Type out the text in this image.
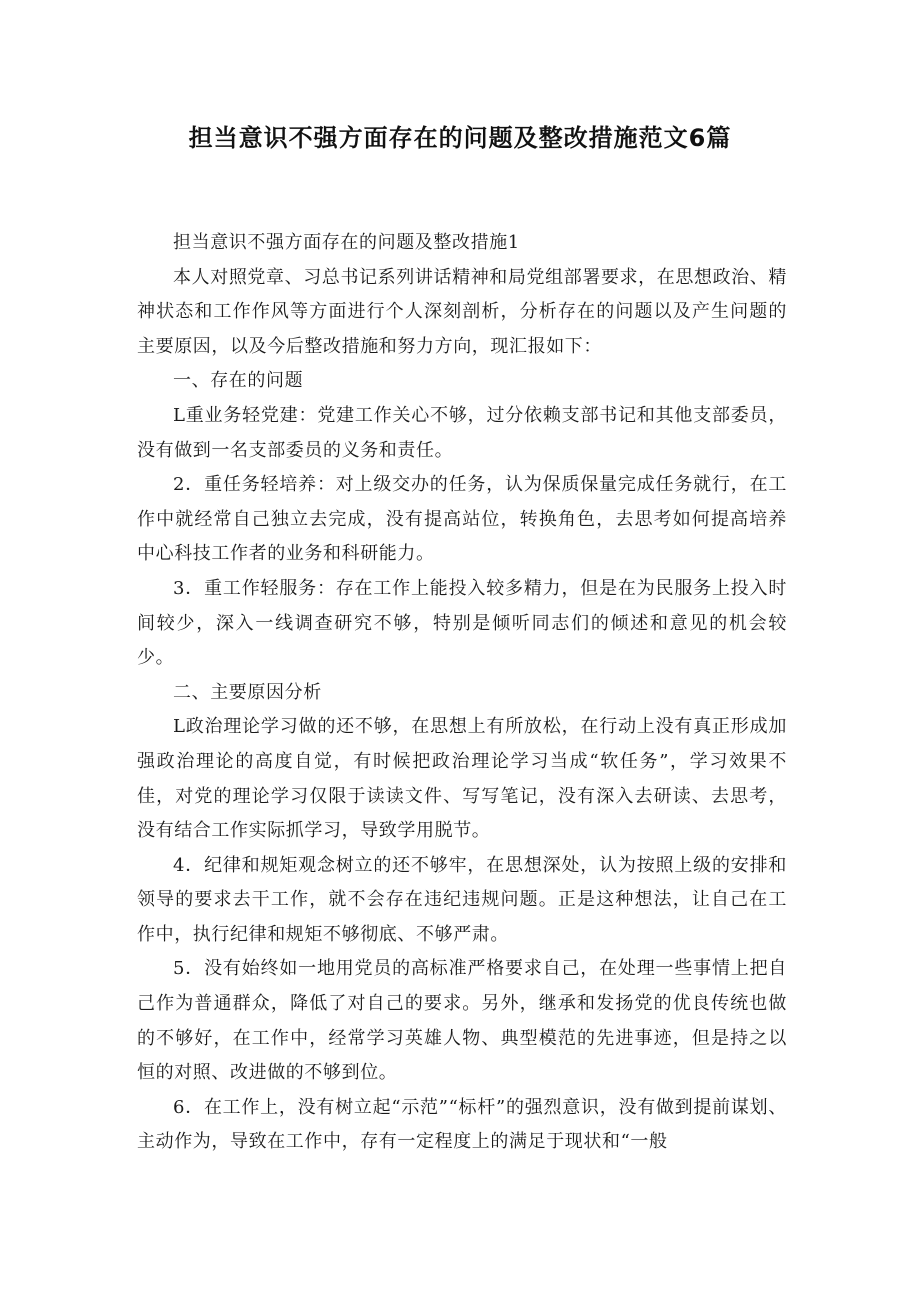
担当意识不强方面存在的问题及整改措施范文6篇

担当意识不强方面存在的问题及整改措施1

本人对照党章、习总书记系列讲话精神和局党组部署要求，在思想政治、精神状态和工作作风等方面进行个人深刻剖析，分析存在的问题以及产生问题的主要原因，以及今后整改措施和努力方向，现汇报如下：

一、存在的问题

L重业务轻党建：党建工作关心不够，过分依赖支部书记和其他支部委员，没有做到一名支部委员的义务和责任。

2．重任务轻培养：对上级交办的任务，认为保质保量完成任务就行，在工作中就经常自己独立去完成，没有提高站位，转换角色，去思考如何提高培养中心科技工作者的业务和科研能力。

3．重工作轻服务：存在工作上能投入较多精力，但是在为民服务上投入时间较少，深入一线调查研究不够，特别是倾听同志们的倾述和意见的机会较少。

二、主要原因分析

L政治理论学习做的还不够，在思想上有所放松，在行动上没有真正形成加强政治理论的高度自觉，有时候把政治理论学习当成“软任务”，学习效果不佳，对党的理论学习仅限于读读文件、写写笔记，没有深入去研读、去思考，没有结合工作实际抓学习，导致学用脱节。

4．纪律和规矩观念树立的还不够牢，在思想深处，认为按照上级的安排和领导的要求去干工作，就不会存在违纪违规问题。正是这种想法，让自己在工作中，执行纪律和规矩不够彻底、不够严肃。

5．没有始终如一地用党员的高标准严格要求自己，在处理一些事情上把自己作为普通群众，降低了对自己的要求。另外，继承和发扬党的优良传统也做的不够好，在工作中，经常学习英雄人物、典型模范的先进事迹，但是持之以恒的对照、改进做的不够到位。

6．在工作上，没有树立起“示范”“标杆”的强烈意识，没有做到提前谋划、主动作为，导致在工作中，存有一定程度上的满足于现状和“一般
